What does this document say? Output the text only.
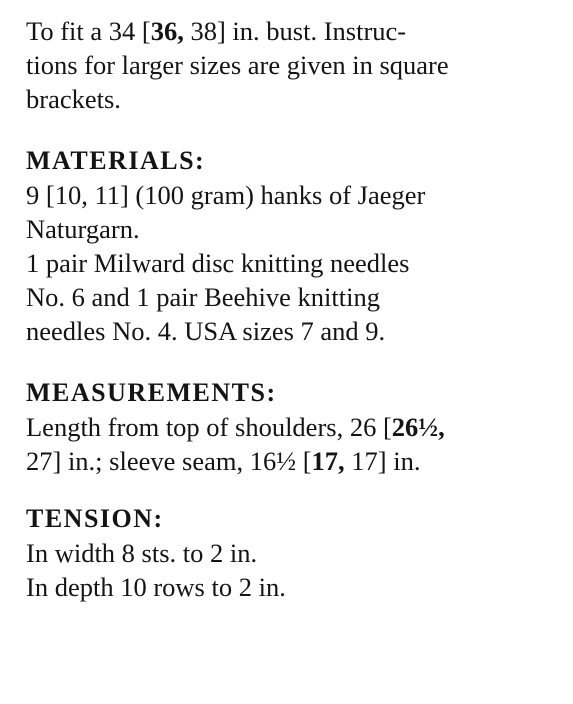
To fit a 34 [36, 38] in. bust. Instruc-

tions for larger sizes are given in square

brackets.

MATERIALS:

9 [10, 11] (100 gram) hanks of Jaeger

Naturgarn.

1 pair Milward disc knitting needles

No. 6 and 1 pair Beehive knitting

needles No. 4. USA sizes 7 and 9.

MEASUREMENTS:

Length from top of shoulders, 26 [26½,

27] in.; sleeve seam, 16½ [17, 17] in.

TENSION:

In width 8 sts. to 2 in.

In depth 10 rows to 2 in.
